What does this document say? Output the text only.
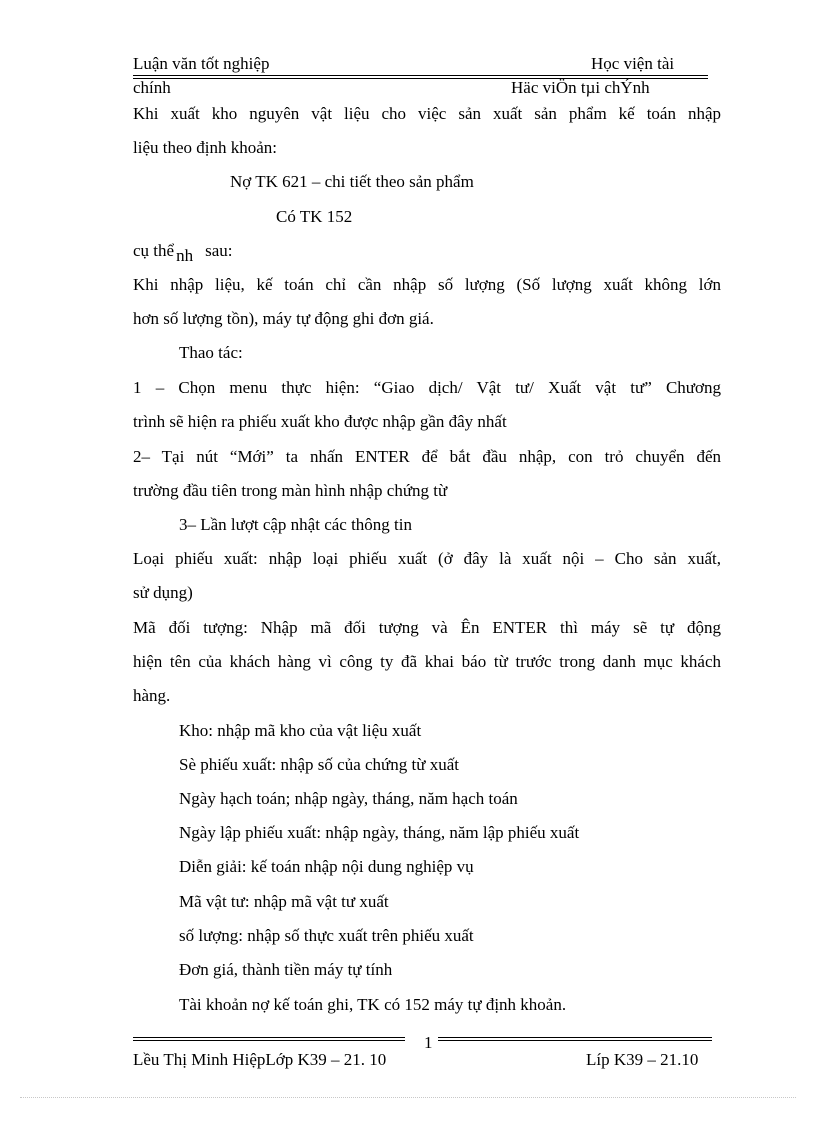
Luận văn tốt nghiệp	Học viện tài
chính	Häc viÖn tµi chÝnh
Khi xuất kho nguyên vật liệu cho việc sản xuất sản phẩm kế toán nhập
liệu theo định khoản:
Nợ TK 621 – chi tiết theo sản phẩm
Có TK 152
cụ thể nh sau:
Khi nhập liệu, kế toán chỉ cần nhập số lượng (Số lượng xuất không lớn
hơn số lượng tồn), máy tự động ghi đơn giá.
Thao tác:
1 – Chọn menu thực hiện: “Giao dịch/ Vật tư/ Xuất vật tư” Chương
trình sẽ hiện ra phiếu xuất kho được nhập gần đây nhất
2– Tại nút “Mới” ta nhấn ENTER để bắt đầu nhập, con trỏ chuyển đến
trường đầu tiên trong màn hình nhập chứng từ
3– Lần lượt cập nhật các thông tin
Loại phiếu xuất: nhập loại phiếu xuất (ở đây là xuất nội – Cho sản xuất,
sử dụng)
Mã đối tượng: Nhập mã đối tượng và Ên ENTER thì máy sẽ tự động
hiện tên của khách hàng vì công ty đã khai báo từ trước trong danh mục khách
hàng.
Kho: nhập mã kho của vật liệu xuất
Sè phiếu xuất: nhập số của chứng từ xuất
Ngày hạch toán; nhập ngày, tháng, năm hạch toán
Ngày lập phiếu xuất: nhập ngày, tháng, năm lập phiếu xuất
Diễn giải: kế toán nhập nội dung nghiệp vụ
Mã vật tư: nhập mã vật tư xuất
số lượng: nhập số thực xuất trên phiếu xuất
Đơn giá, thành tiền máy tự tính
Tài khoản nợ kế toán ghi, TK có 152 máy tự định khoản.
1
Lều Thị Minh HiệpLớp K39 – 21. 10	Líp K39 – 21.10
